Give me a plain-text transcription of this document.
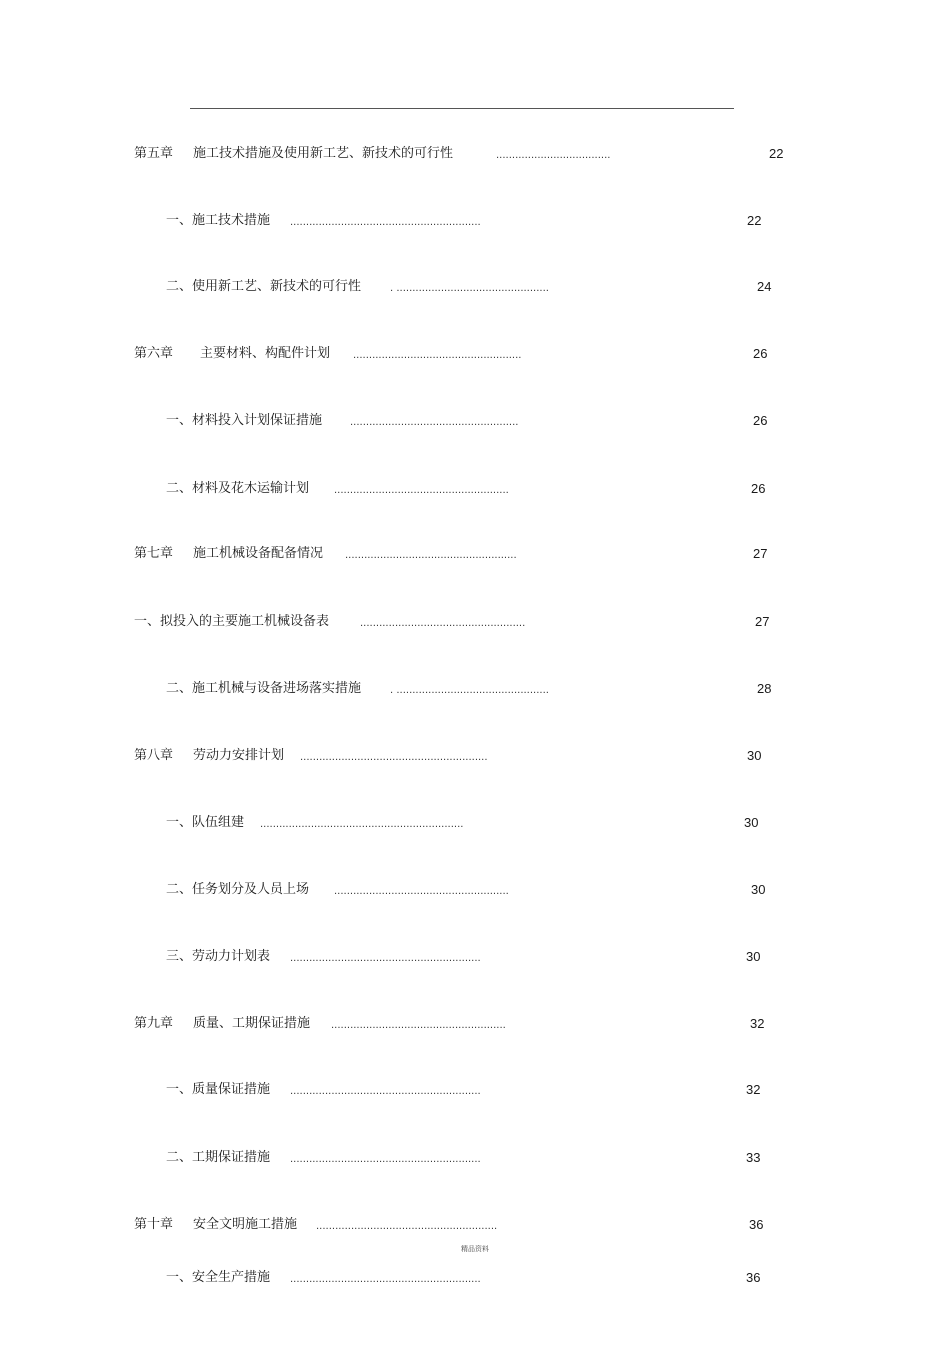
第五章 施工技术措施及使用新工艺、新技术的可行性	....................................	22
一、施工技术措施 ............................................................	22
二、使用新工艺、新技术的可行性	. ................................................	24
第六章 主要材料、构配件计划 .....................................................	26
一、材料投入计划保证措施	.....................................................	26
二、材料及花木运输计划 .......................................................	26
第七章 施工机械设备配备情况 ......................................................	27
一、拟投入的主要施工机械设备表	....................................................	27
二、施工机械与设备进场落实措施	. ................................................	28
第八章 劳动力安排计划 ...........................................................	30
一、队伍组建 ................................................................	30
二、任务划分及人员上场 .......................................................	30
三、劳动力计划表 ............................................................	30
第九章 质量、工期保证措施 .......................................................	32
一、质量保证措施 ............................................................	32
二、工期保证措施 ............................................................	33
第十章 安全文明施工措施 .........................................................	36
精品资料
一、安全生产措施 ............................................................	36
